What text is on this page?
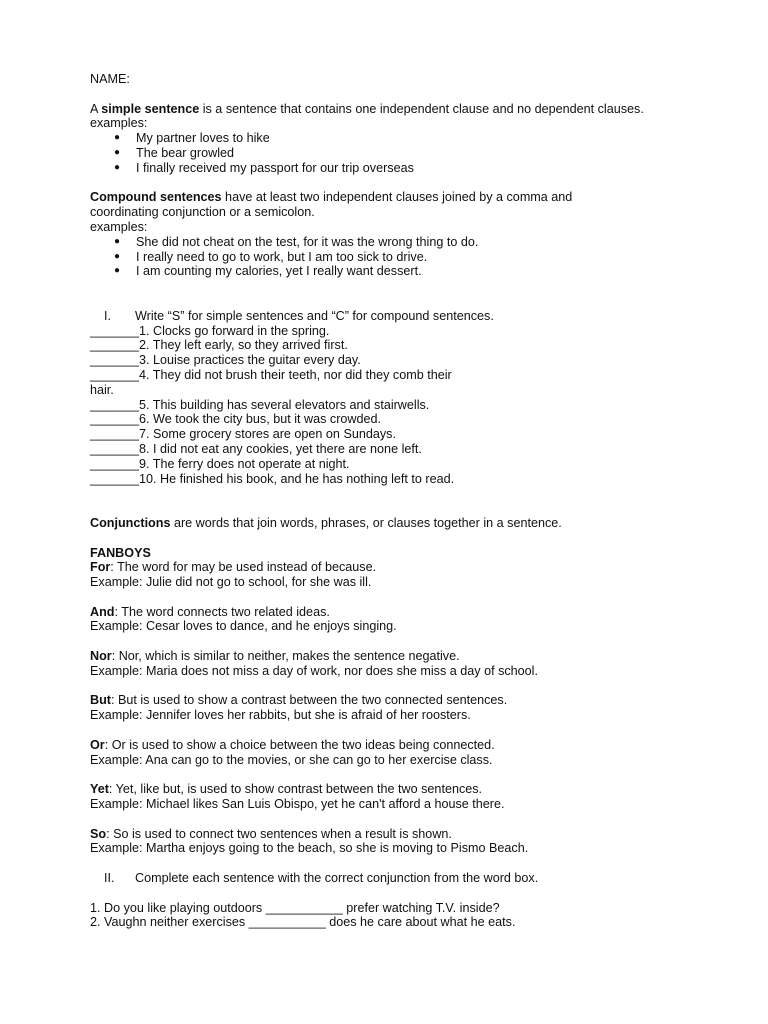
NAME:
A simple sentence is a sentence that contains one independent clause and no dependent clauses.
examples:
● My partner loves to hike
● The bear growled
● I finally received my passport for our trip overseas
Compound sentences have at least two independent clauses joined by a comma and coordinating conjunction or a semicolon.
examples:
● She did not cheat on the test, for it was the wrong thing to do.
● I really need to go to work, but I am too sick to drive.
● I am counting my calories, yet I really want dessert.
I. Write “S” for simple sentences and “C” for compound sentences.
_______1. Clocks go forward in the spring.
_______2. They left early, so they arrived first.
_______3. Louise practices the guitar every day.
_______4. They did not brush their teeth, nor did they comb their
hair.
_______5. This building has several elevators and stairwells.
_______6. We took the city bus, but it was crowded.
_______7. Some grocery stores are open on Sundays.
_______8. I did not eat any cookies, yet there are none left.
_______9. The ferry does not operate at night.
_______10. He finished his book, and he has nothing left to read.
Conjunctions are words that join words, phrases, or clauses together in a sentence.
FANBOYS
For: The word for may be used instead of because.
Example: Julie did not go to school, for she was ill.
And: The word connects two related ideas.
Example: Cesar loves to dance, and he enjoys singing.
Nor: Nor, which is similar to neither, makes the sentence negative.
Example: Maria does not miss a day of work, nor does she miss a day of school.
But: But is used to show a contrast between the two connected sentences.
Example: Jennifer loves her rabbits, but she is afraid of her roosters.
Or: Or is used to show a choice between the two ideas being connected.
Example: Ana can go to the movies, or she can go to her exercise class.
Yet: Yet, like but, is used to show contrast between the two sentences.
Example: Michael likes San Luis Obispo, yet he can't afford a house there.
So: So is used to connect two sentences when a result is shown.
Example: Martha enjoys going to the beach, so she is moving to Pismo Beach.
II. Complete each sentence with the correct conjunction from the word box.
1. Do you like playing outdoors ___________ prefer watching T.V. inside?
2. Vaughn neither exercises ___________ does he care about what he eats.
